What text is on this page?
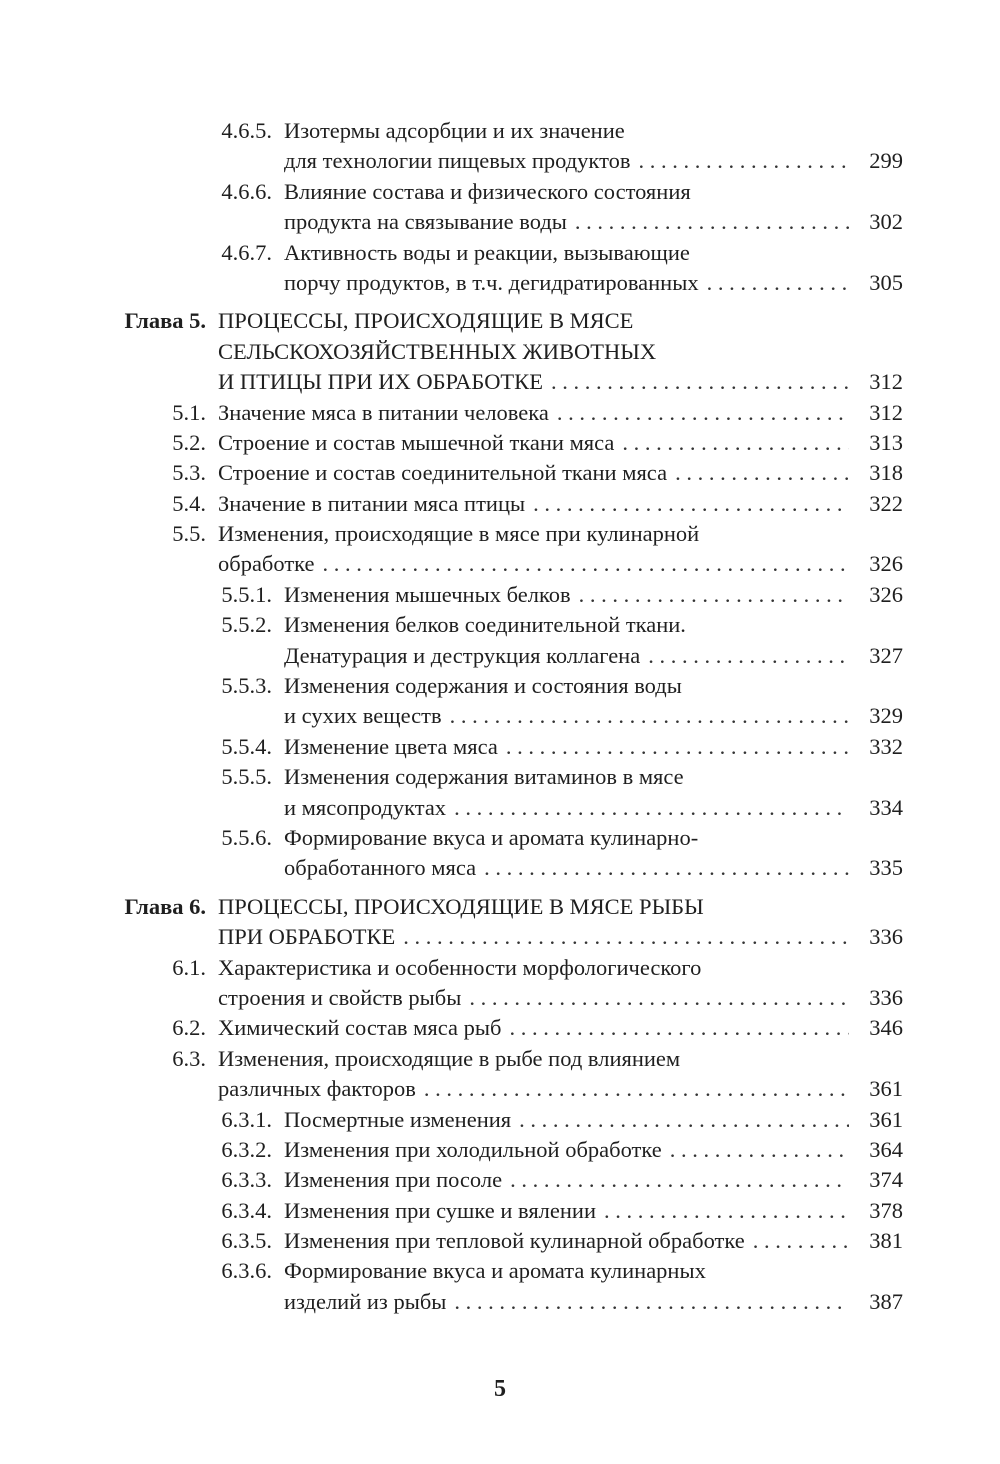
4.6.5. Изотермы адсорбции и их значение
для технологии пищевых продуктов . . .	299
4.6.6. Влияние состава и физического состояния
продукта на связывание воды . . .	302
4.6.7. Активность воды и реакции, вызывающие
порчу продуктов, в т.ч. дегидратированных . . .	305
Глава 5. ПРОЦЕССЫ, ПРОИСХОДЯЩИЕ В МЯСЕ
СЕЛЬСКОХОЗЯЙСТВЕННЫХ ЖИВОТНЫХ
И ПТИЦЫ ПРИ ИХ ОБРАБОТКЕ . . .	312
5.1. Значение мяса в питании человека . . .	312
5.2. Строение и состав мышечной ткани мяса . . .	313
5.3. Строение и состав соединительной ткани мяса . . .	318
5.4. Значение в питании мяса птицы . . .	322
5.5. Изменения, происходящие в мясе при кулинарной
обработке . . .	326
5.5.1. Изменения мышечных белков . . .	326
5.5.2. Изменения белков соединительной ткани.
Денатурация и деструкция коллагена . . .	327
5.5.3. Изменения содержания и состояния воды
и сухих веществ . . .	329
5.5.4. Изменение цвета мяса . . .	332
5.5.5. Изменения содержания витаминов в мясе
и мясопродуктах . . .	334
5.5.6. Формирование вкуса и аромата кулинарно-
обработанного мяса . . .	335
Глава 6. ПРОЦЕССЫ, ПРОИСХОДЯЩИЕ В МЯСЕ РЫБЫ
ПРИ ОБРАБОТКЕ . . .	336
6.1. Характеристика и особенности морфологического
строения и свойств рыбы . . .	336
6.2. Химический состав мяса рыб . . .	346
6.3. Изменения, происходящие в рыбе под влиянием
различных факторов . . .	361
6.3.1. Посмертные изменения . . .	361
6.3.2. Изменения при холодильной обработке . . .	364
6.3.3. Изменения при посоле . . .	374
6.3.4. Изменения при сушке и вялении . . .	378
6.3.5. Изменения при тепловой кулинарной обработке . . .	381
6.3.6. Формирование вкуса и аромата кулинарных
изделий из рыбы . . .	387
5
